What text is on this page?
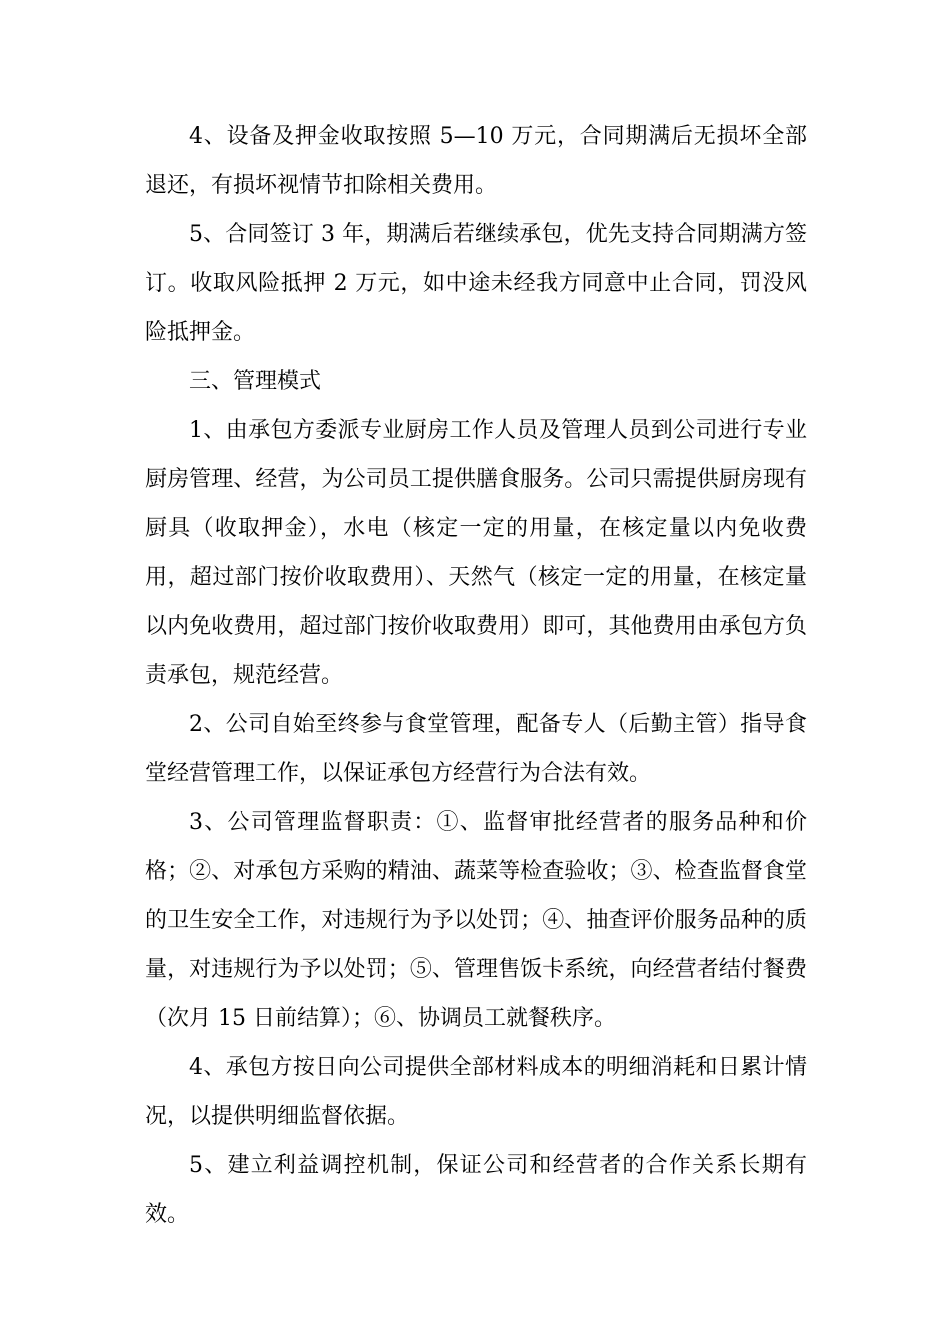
4、设备及押金收取按照 5—10 万元，合同期满后无损坏全部退还，有损坏视情节扣除相关费用。

5、合同签订 3 年，期满后若继续承包，优先支持合同期满方签订。收取风险抵押 2 万元，如中途未经我方同意中止合同，罚没风险抵押金。

三、管理模式

1、由承包方委派专业厨房工作人员及管理人员到公司进行专业厨房管理、经营，为公司员工提供膳食服务。公司只需提供厨房现有厨具（收取押金），水电（核定一定的用量，在核定量以内免收费用，超过部门按价收取费用）、天然气（核定一定的用量，在核定量以内免收费用，超过部门按价收取费用）即可，其他费用由承包方负责承包，规范经营。

2、公司自始至终参与食堂管理，配备专人（后勤主管）指导食堂经营管理工作，以保证承包方经营行为合法有效。

3、公司管理监督职责：①、监督审批经营者的服务品种和价格；②、对承包方采购的精油、蔬菜等检查验收；③、检查监督食堂的卫生安全工作，对违规行为予以处罚；④、抽查评价服务品种的质量，对违规行为予以处罚；⑤、管理售饭卡系统，向经营者结付餐费（次月 15 日前结算）；⑥、协调员工就餐秩序。

4、承包方按日向公司提供全部材料成本的明细消耗和日累计情况，以提供明细监督依据。

5、建立利益调控机制，保证公司和经营者的合作关系长期有效。
